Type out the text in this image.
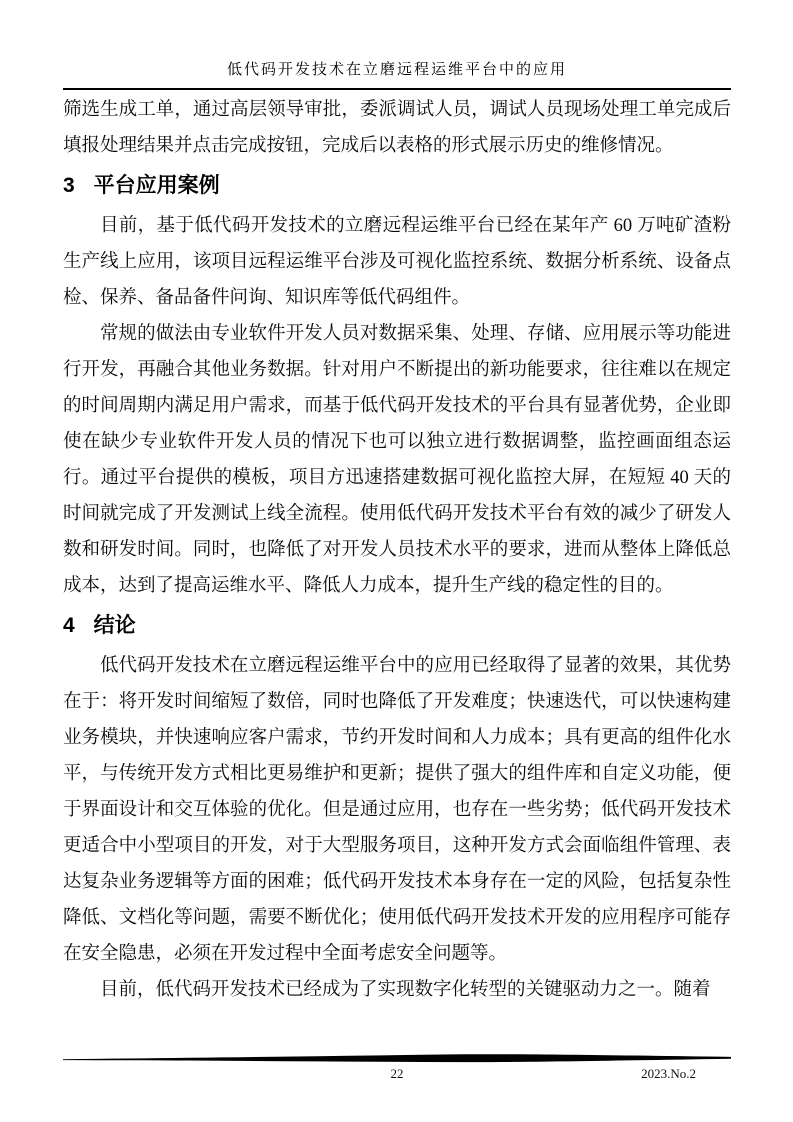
低代码开发技术在立磨远程运维平台中的应用

筛选生成工单，通过高层领导审批，委派调试人员，调试人员现场处理工单完成后填报处理结果并点击完成按钮，完成后以表格的形式展示历史的维修情况。

3 平台应用案例

目前，基于低代码开发技术的立磨远程运维平台已经在某年产 60 万吨矿渣粉生产线上应用，该项目远程运维平台涉及可视化监控系统、数据分析系统、设备点检、保养、备品备件问询、知识库等低代码组件。

常规的做法由专业软件开发人员对数据采集、处理、存储、应用展示等功能进行开发，再融合其他业务数据。针对用户不断提出的新功能要求，往往难以在规定的时间周期内满足用户需求，而基于低代码开发技术的平台具有显著优势，企业即使在缺少专业软件开发人员的情况下也可以独立进行数据调整，监控画面组态运行。通过平台提供的模板，项目方迅速搭建数据可视化监控大屏，在短短 40 天的时间就完成了开发测试上线全流程。使用低代码开发技术平台有效的减少了研发人数和研发时间。同时，也降低了对开发人员技术水平的要求，进而从整体上降低总成本，达到了提高运维水平、降低人力成本，提升生产线的稳定性的目的。

4 结论

低代码开发技术在立磨远程运维平台中的应用已经取得了显著的效果，其优势在于：将开发时间缩短了数倍，同时也降低了开发难度；快速迭代，可以快速构建业务模块，并快速响应客户需求，节约开发时间和人力成本；具有更高的组件化水平，与传统开发方式相比更易维护和更新；提供了强大的组件库和自定义功能，便于界面设计和交互体验的优化。但是通过应用，也存在一些劣势；低代码开发技术更适合中小型项目的开发，对于大型服务项目，这种开发方式会面临组件管理、表达复杂业务逻辑等方面的困难；低代码开发技术本身存在一定的风险，包括复杂性降低、文档化等问题，需要不断优化；使用低代码开发技术开发的应用程序可能存在安全隐患，必须在开发过程中全面考虑安全问题等。

目前，低代码开发技术已经成为了实现数字化转型的关键驱动力之一。随着

22	2023.No.2
